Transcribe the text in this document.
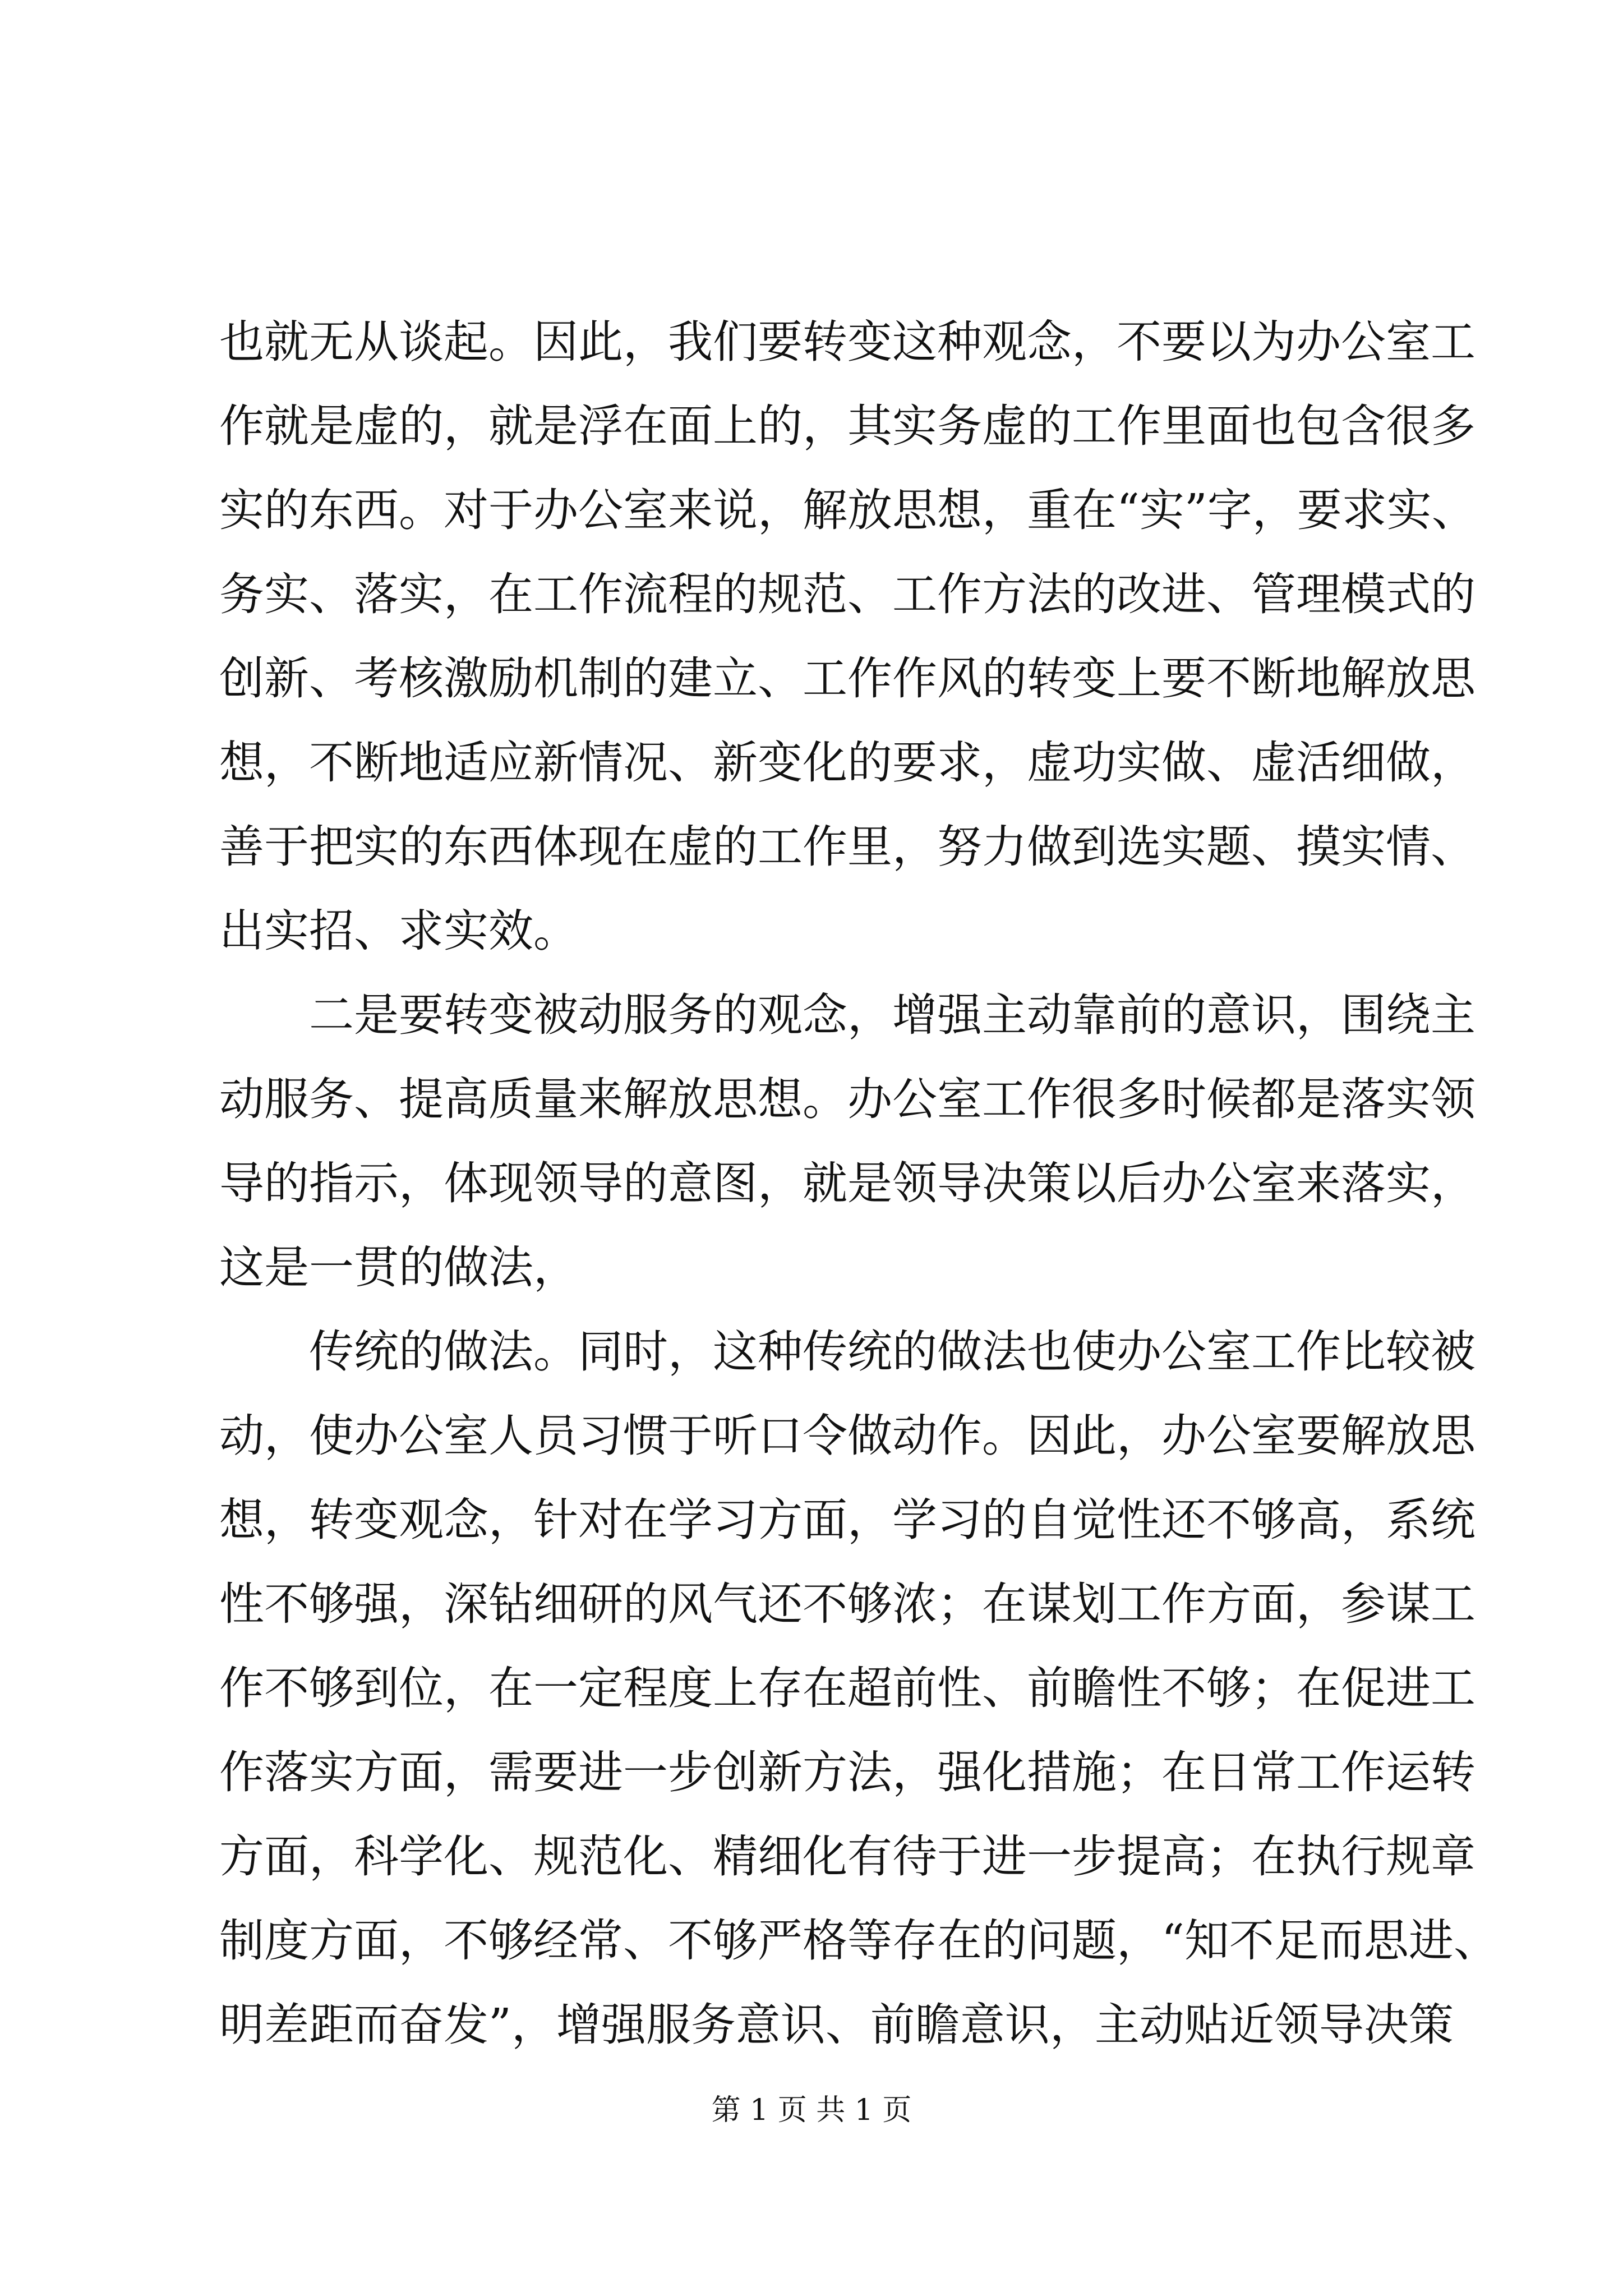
也就无从谈起。因此，我们要转变这种观念，不要以为办公室工
作就是虚的，就是浮在面上的，其实务虚的工作里面也包含很多
实的东西。对于办公室来说，解放思想，重在“实”字，要求实、
务实、落实，在工作流程的规范、工作方法的改进、管理模式的
创新、考核激励机制的建立、工作作风的转变上要不断地解放思
想，不断地适应新情况、新变化的要求，虚功实做、虚活细做，
善于把实的东西体现在虚的工作里，努力做到选实题、摸实情、
出实招、求实效。
二是要转变被动服务的观念，增强主动靠前的意识，围绕主
动服务、提高质量来解放思想。办公室工作很多时候都是落实领
导的指示，体现领导的意图，就是领导决策以后办公室来落实，
这是一贯的做法，
传统的做法。同时，这种传统的做法也使办公室工作比较被
动，使办公室人员习惯于听口令做动作。因此，办公室要解放思
想，转变观念，针对在学习方面，学习的自觉性还不够高，系统
性不够强，深钻细研的风气还不够浓；在谋划工作方面，参谋工
作不够到位，在一定程度上存在超前性、前瞻性不够；在促进工
作落实方面，需要进一步创新方法，强化措施；在日常工作运转
方面，科学化、规范化、精细化有待于进一步提高；在执行规章
制度方面，不够经常、不够严格等存在的问题，“知不足而思进、
明差距而奋发”，增强服务意识、前瞻意识，主动贴近领导决策
第 1 页 共 1 页
